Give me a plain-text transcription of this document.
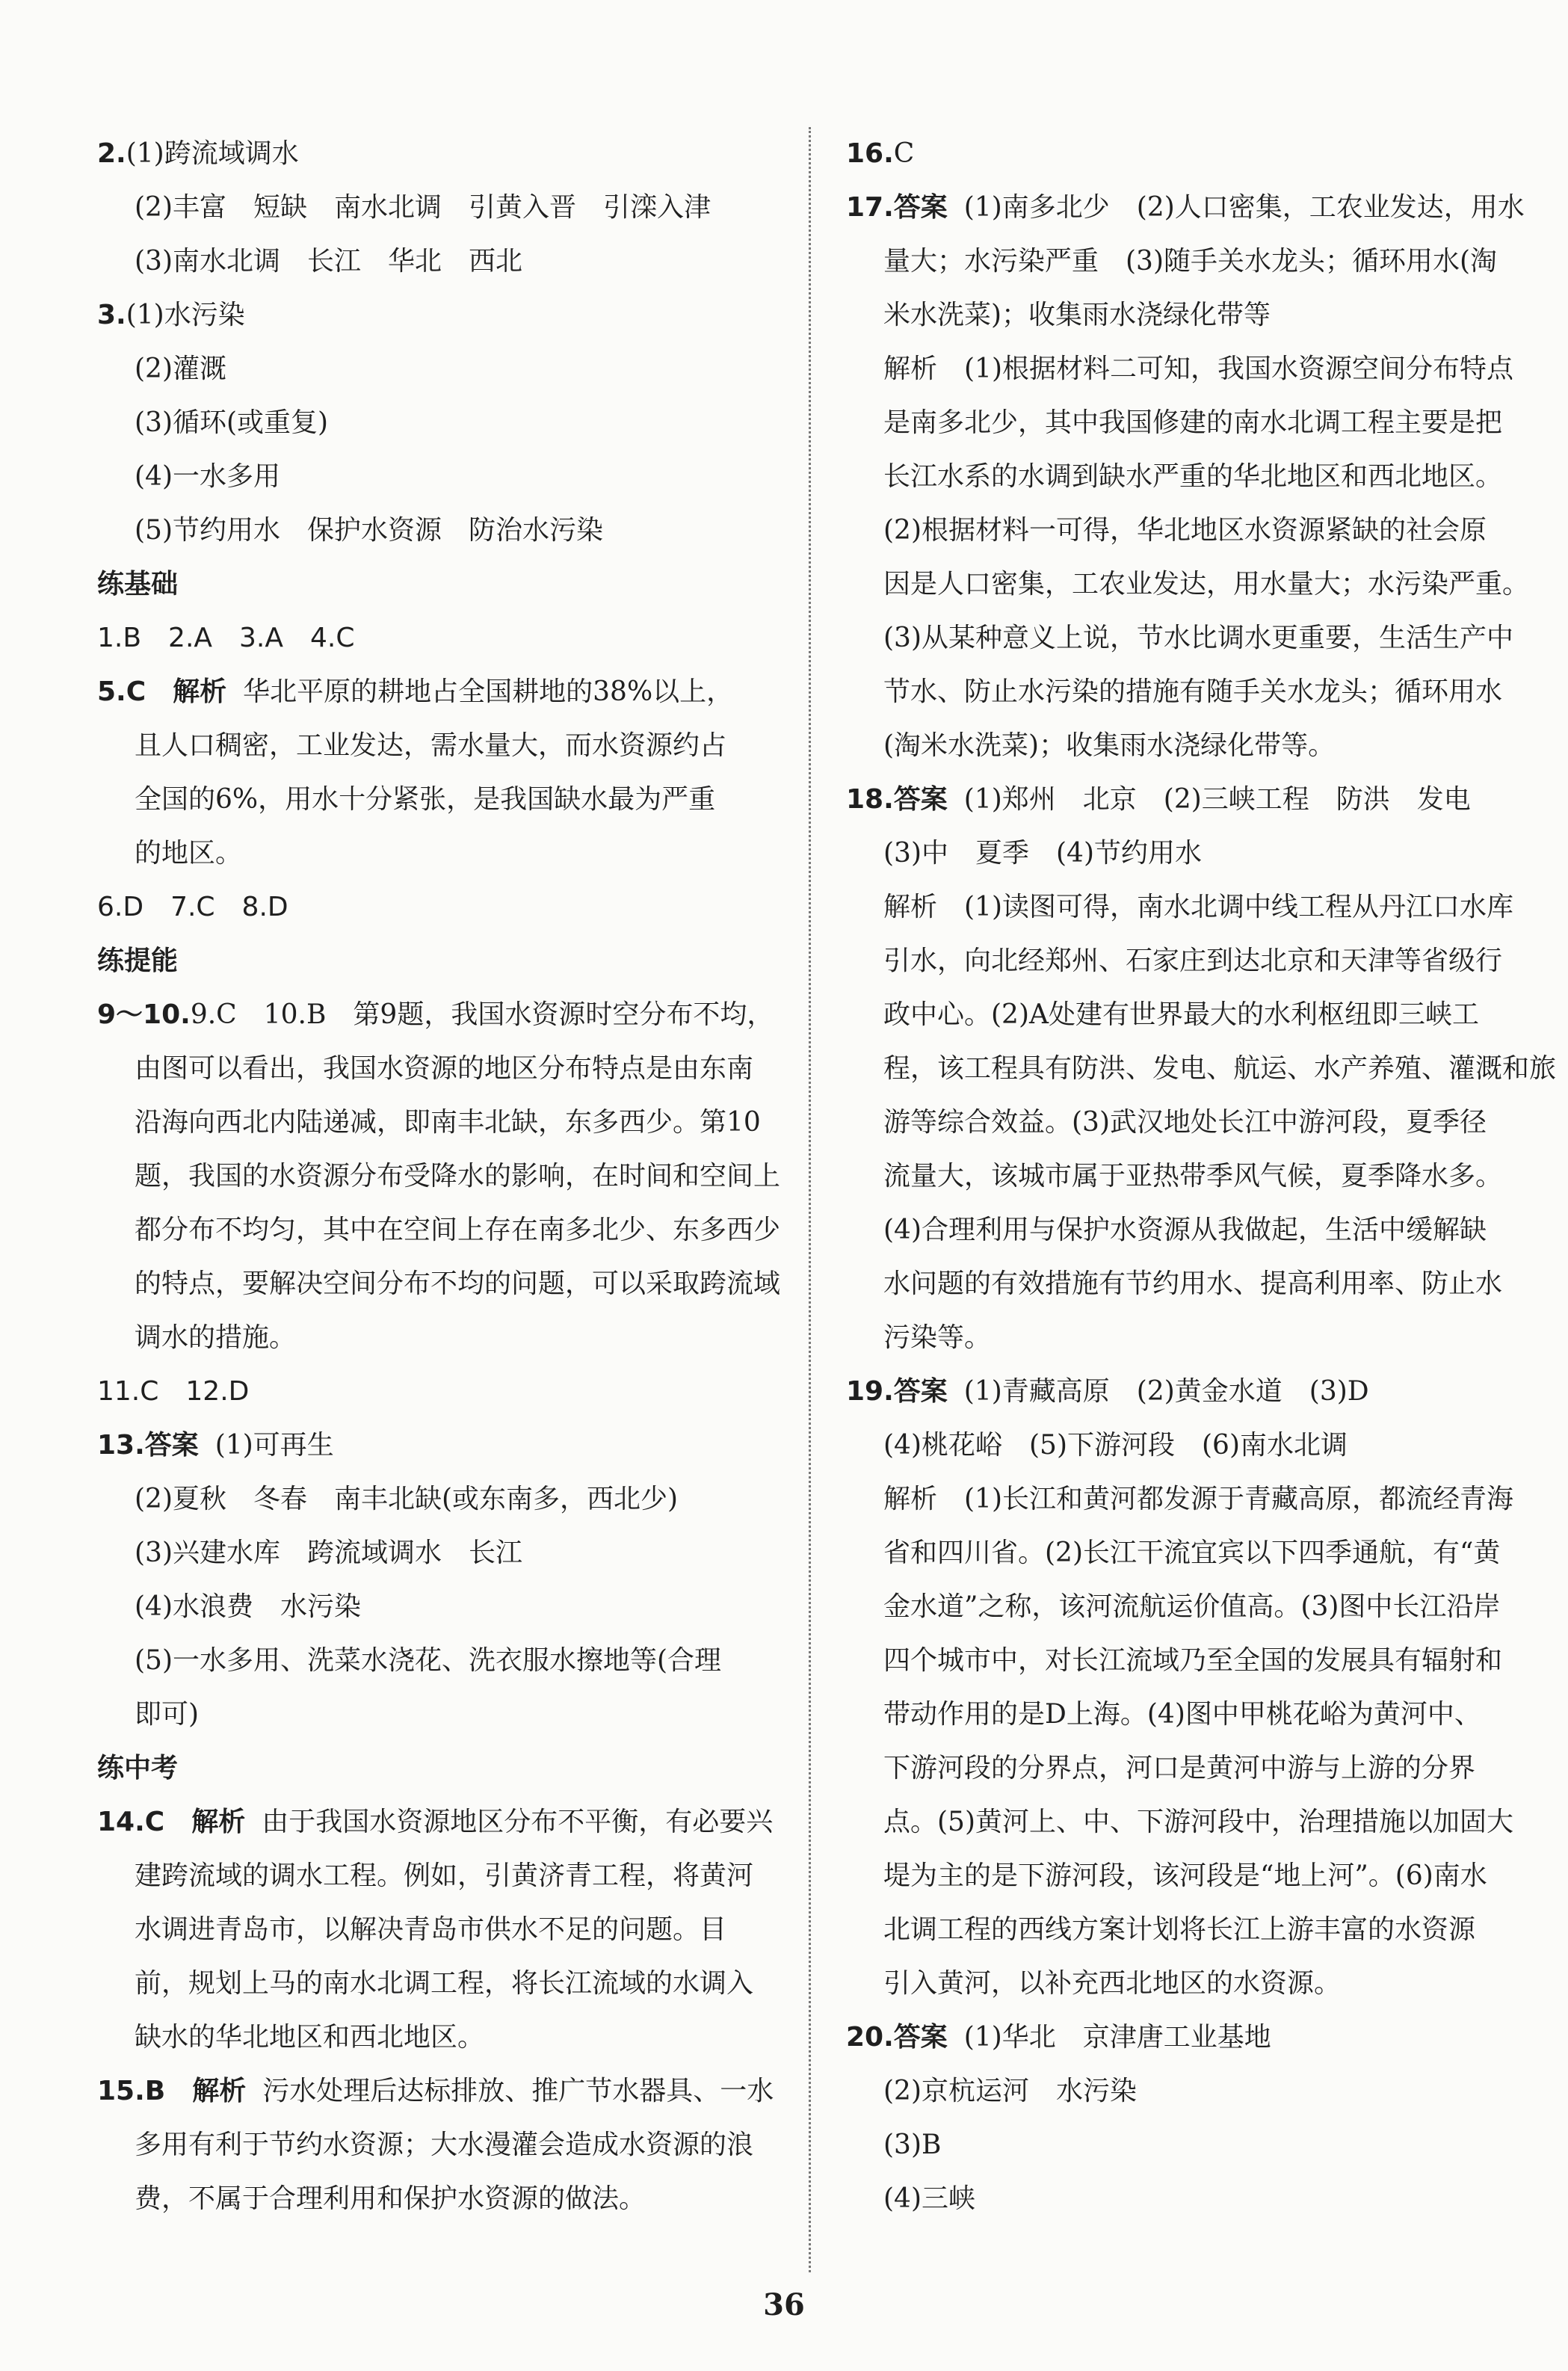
2.(1)跨流域调水
(2)丰富　短缺　南水北调　引黄入晋　引滦入津
(3)南水北调　长江　华北　西北
3.(1)水污染
(2)灌溉
(3)循环(或重复)
(4)一水多用
(5)节约用水　保护水资源　防治水污染
练基础
1.B　2.A　3.A　4.C
5.C　解析 华北平原的耕地占全国耕地的38%以上，
且人口稠密，工业发达，需水量大，而水资源约占
全国的6%，用水十分紧张，是我国缺水最为严重
的地区。
6.D　7.C　8.D
练提能
9～10.9.C　10.B　第9题，我国水资源时空分布不均，
由图可以看出，我国水资源的地区分布特点是由东南
沿海向西北内陆递减，即南丰北缺，东多西少。第10
题，我国的水资源分布受降水的影响，在时间和空间上
都分布不均匀，其中在空间上存在南多北少、东多西少
的特点，要解决空间分布不均的问题，可以采取跨流域
调水的措施。
11.C　12.D
13.答案 (1)可再生
(2)夏秋　冬春　南丰北缺(或东南多，西北少)
(3)兴建水库　跨流域调水　长江
(4)水浪费　水污染
(5)一水多用、洗菜水浇花、洗衣服水擦地等(合理
即可)
练中考
14.C　解析 由于我国水资源地区分布不平衡，有必要兴
建跨流域的调水工程。例如，引黄济青工程，将黄河
水调进青岛市，以解决青岛市供水不足的问题。目
前，规划上马的南水北调工程，将长江流域的水调入
缺水的华北地区和西北地区。
15.B　解析 污水处理后达标排放、推广节水器具、一水
多用有利于节约水资源；大水漫灌会造成水资源的浪
费，不属于合理利用和保护水资源的做法。
16.C
17.答案 (1)南多北少　(2)人口密集，工农业发达，用水
量大；水污染严重　(3)随手关水龙头；循环用水(淘
米水洗菜)；收集雨水浇绿化带等
解析　(1)根据材料二可知，我国水资源空间分布特点
是南多北少，其中我国修建的南水北调工程主要是把
长江水系的水调到缺水严重的华北地区和西北地区。
(2)根据材料一可得，华北地区水资源紧缺的社会原
因是人口密集，工农业发达，用水量大；水污染严重。
(3)从某种意义上说，节水比调水更重要，生活生产中
节水、防止水污染的措施有随手关水龙头；循环用水
(淘米水洗菜)；收集雨水浇绿化带等。
18.答案 (1)郑州　北京　(2)三峡工程　防洪　发电
(3)中　夏季　(4)节约用水
解析　(1)读图可得，南水北调中线工程从丹江口水库
引水，向北经郑州、石家庄到达北京和天津等省级行
政中心。(2)A处建有世界最大的水利枢纽即三峡工
程，该工程具有防洪、发电、航运、水产养殖、灌溉和旅
游等综合效益。(3)武汉地处长江中游河段，夏季径
流量大，该城市属于亚热带季风气候，夏季降水多。
(4)合理利用与保护水资源从我做起，生活中缓解缺
水问题的有效措施有节约用水、提高利用率、防止水
污染等。
19.答案 (1)青藏高原　(2)黄金水道　(3)D
(4)桃花峪　(5)下游河段　(6)南水北调
解析　(1)长江和黄河都发源于青藏高原，都流经青海
省和四川省。(2)长江干流宜宾以下四季通航，有“黄
金水道”之称，该河流航运价值高。(3)图中长江沿岸
四个城市中，对长江流域乃至全国的发展具有辐射和
带动作用的是D上海。(4)图中甲桃花峪为黄河中、
下游河段的分界点，河口是黄河中游与上游的分界
点。(5)黄河上、中、下游河段中，治理措施以加固大
堤为主的是下游河段，该河段是“地上河”。(6)南水
北调工程的西线方案计划将长江上游丰富的水资源
引入黄河，以补充西北地区的水资源。
20.答案 (1)华北　京津唐工业基地
(2)京杭运河　水污染
(3)B
(4)三峡
36
